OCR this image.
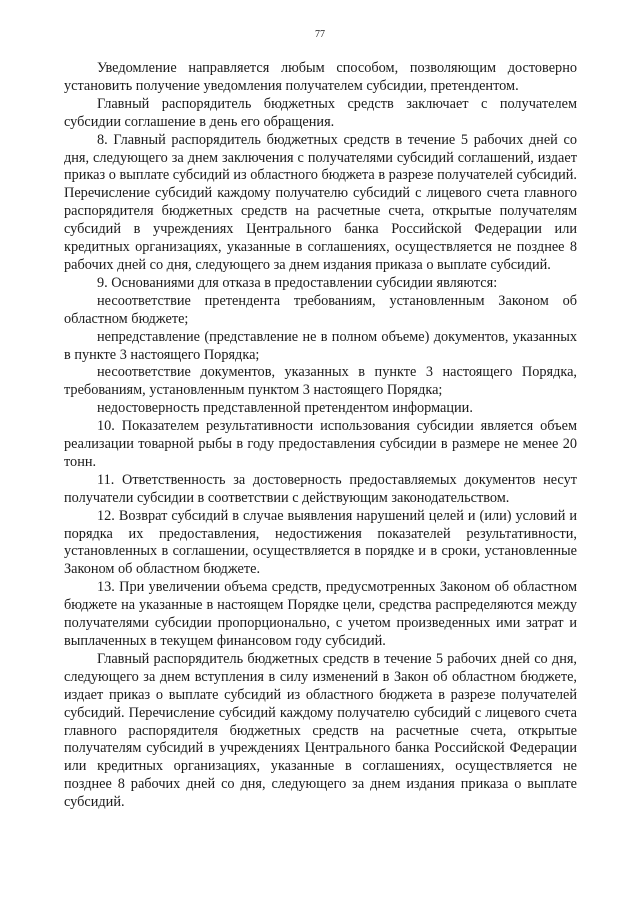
77

Уведомление направляется любым способом, позволяющим достоверно установить получение уведомления получателем субсидии, претендентом.

Главный распорядитель бюджетных средств заключает с получателем субсидии соглашение в день его обращения.

8. Главный распорядитель бюджетных средств в течение 5 рабочих дней со дня, следующего за днем заключения с получателями субсидий соглашений, издает приказ о выплате субсидий из областного бюджета в разрезе получателей субсидий. Перечисление субсидий каждому получателю субсидий с лицевого счета главного распорядителя бюджетных средств на расчетные счета, открытые получателям субсидий в учреждениях Центрального банка Российской Федерации или кредитных организациях, указанные в соглашениях, осуществляется не позднее 8 рабочих дней со дня, следующего за днем издания приказа о выплате субсидий.

9. Основаниями для отказа в предоставлении субсидии являются:

несоответствие претендента требованиям, установленным Законом об областном бюджете;

непредставление (представление не в полном объеме) документов, указанных в пункте 3 настоящего Порядка;

несоответствие документов, указанных в пункте 3 настоящего Порядка, требованиям, установленным пунктом 3 настоящего Порядка;

недостоверность представленной претендентом информации.

10. Показателем результативности использования субсидии является объем реализации товарной рыбы в году предоставления субсидии в размере не менее 20 тонн.

11. Ответственность за достоверность предоставляемых документов несут получатели субсидии в соответствии с действующим законодательством.

12. Возврат субсидий в случае выявления нарушений целей и (или) условий и порядка их предоставления, недостижения показателей результативности, установленных в соглашении, осуществляется в порядке и в сроки, установленные Законом об областном бюджете.

13. При увеличении объема средств, предусмотренных Законом об областном бюджете на указанные в настоящем Порядке цели, средства распределяются между получателями субсидии пропорционально, с учетом произведенных ими затрат и выплаченных в текущем финансовом году субсидий.

Главный распорядитель бюджетных средств в течение 5 рабочих дней со дня, следующего за днем вступления в силу изменений в Закон об областном бюджете, издает приказ о выплате субсидий из областного бюджета в разрезе получателей субсидий. Перечисление субсидий каждому получателю субсидий с лицевого счета главного распорядителя бюджетных средств на расчетные счета, открытые получателям субсидий в учреждениях Центрального банка Российской Федерации или кредитных организациях, указанные в соглашениях, осуществляется не позднее 8 рабочих дней со дня, следующего за днем издания приказа о выплате субсидий.
